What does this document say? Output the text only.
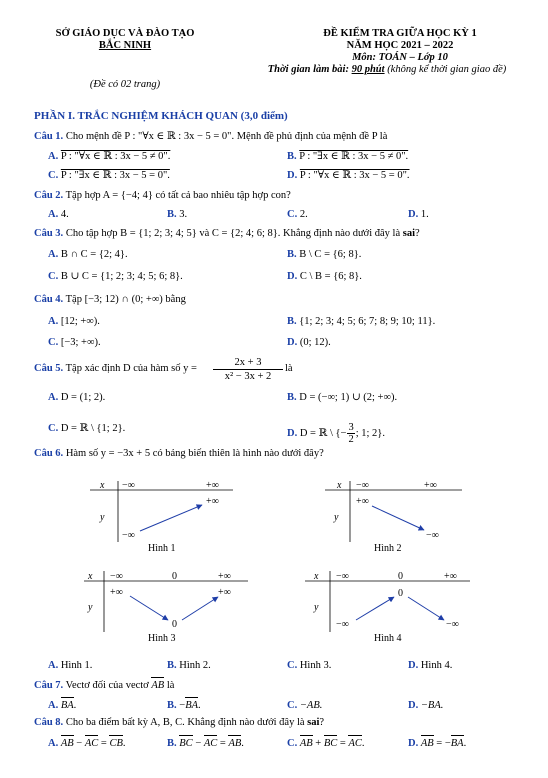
SỞ GIÁO DỤC VÀ ĐÀO TẠO
BẮC NINH
(Đề có 02 trang)
ĐỀ KIỂM TRA GIỮA HỌC KỲ 1
NĂM HỌC 2021 – 2022
Môn: TOÁN – Lớp 10
Thời gian làm bài: 90 phút (không kể thời gian giao đề)
PHẦN I. TRẮC NGHIỆM KHÁCH QUAN (3,0 điểm)
Câu 1. Cho mệnh đề P : "∀x ∈ ℝ : 3x − 5 = 0". Mệnh đề phủ định của mệnh đề P là
A. P : "∀x ∈ ℝ : 3x − 5 ≠ 0".	B. P : "∃x ∈ ℝ : 3x − 5 ≠ 0".
C. P : "∃x ∈ ℝ : 3x − 5 = 0".	D. P : "∀x ∈ ℝ : 3x − 5 = 0".
Câu 2. Tập hợp A = {−4; 4} có tất cả bao nhiêu tập hợp con?
A. 4.	B. 3.	C. 2.	D. 1.
Câu 3. Cho tập hợp B = {1; 2; 3; 4; 5} và C = {2; 4; 6; 8}. Khẳng định nào dưới đây là sai?
A. B ∩ C = {2; 4}.	B. B \ C = {6; 8}.
C. B ∪ C = {1; 2; 3; 4; 5; 6; 8}.	D. C \ B = {6; 8}.
Câu 4. Tập [−3; 12) ∩ (0; +∞) bằng
A. [12; +∞).	B. {1; 2; 3; 4; 5; 6; 7; 8; 9; 10; 11}.
C. [−3; +∞).	D. (0; 12).
Câu 5. Tập xác định D của hàm số y =
2x + 3
x² − 3x + 2
là
A. D = (1; 2).	B. D = (−∞; 1) ∪ (2; +∞).
C. D = ℝ \ {1; 2}.	D. D = ℝ \ {− $\frac{3}{2}$ ; 1; 2}.
Câu 6. Hàm số y = −3x + 5 có bảng biến thiên là hình nào dưới đây?
x
y
−∞	+∞
+∞
−∞
Hình 1
x
y
−∞	+∞
+∞
−∞
Hình 2
x
y
−∞	0	+∞
+∞	+∞
0
Hình 3
x
y
−∞	0	+∞
0
−∞	−∞
Hình 4
A. Hình 1.	B. Hình 2.	C. Hình 3.	D. Hình 4.
Câu 7. Vectơ đối của vectơ AB là
A. BA.	B. −BA.	C. −AB.	D. −BA.
Câu 8. Cho ba điểm bất kỳ A, B, C. Khẳng định nào dưới đây là sai?
A. AB − AC = CB.	B. BC − AC = AB.	C. AB + BC = AC.	D. AB = −BA.
